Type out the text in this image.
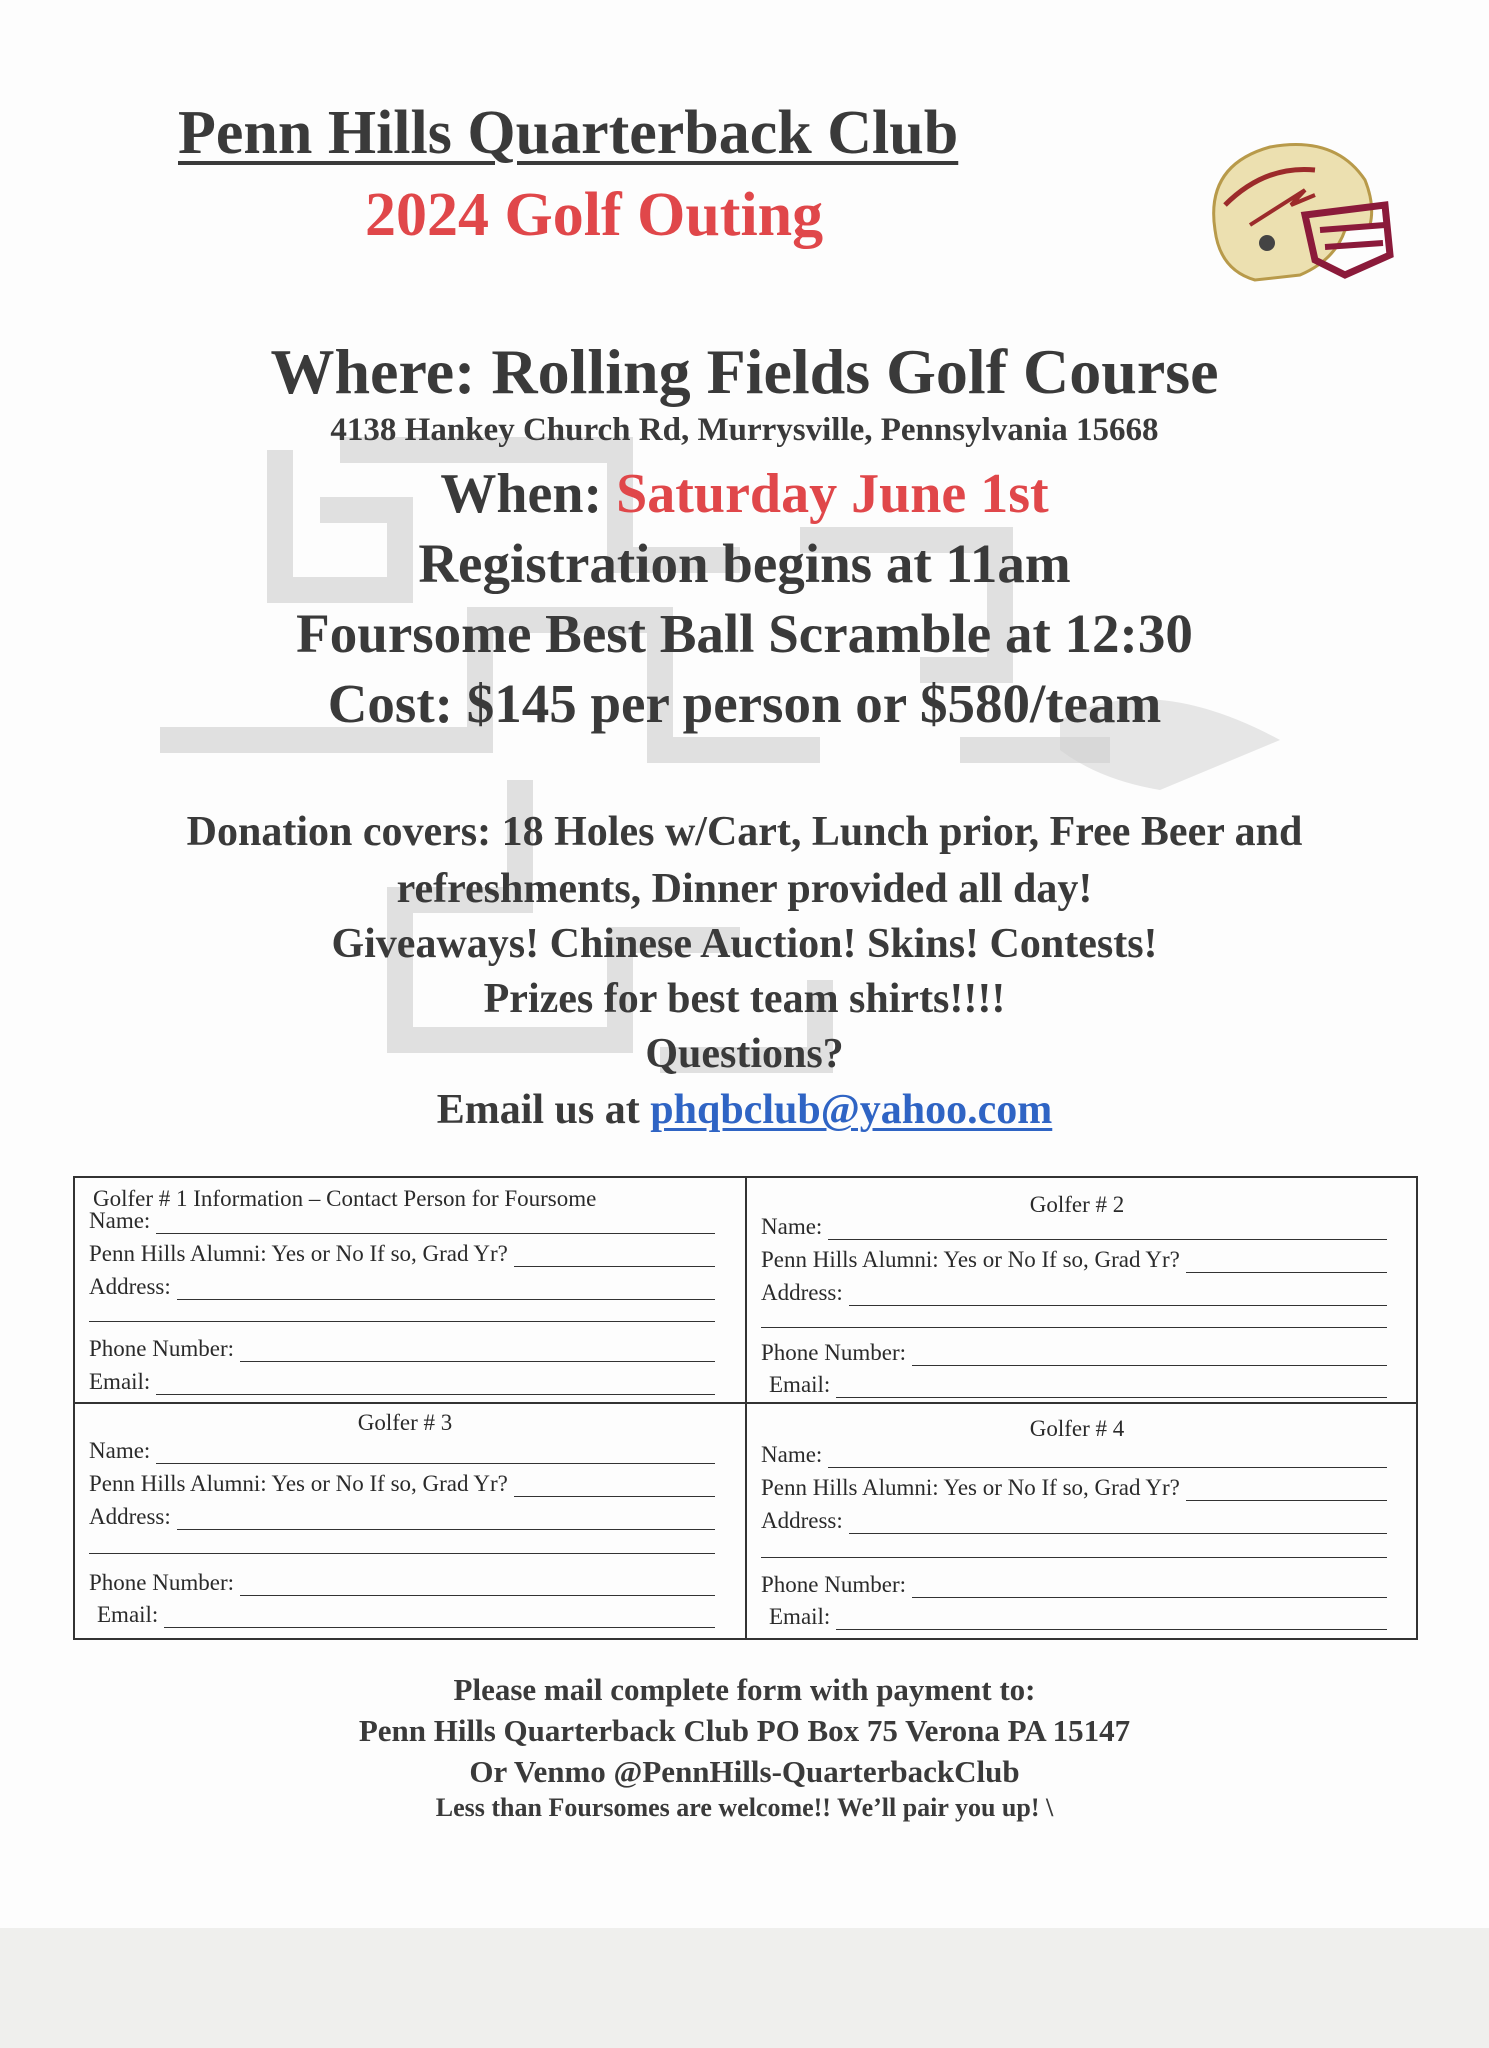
Penn Hills Quarterback Club
2024 Golf Outing
Where: Rolling Fields Golf Course
4138 Hankey Church Rd, Murrysville, Pennsylvania 15668
When: Saturday June 1st
Registration begins at 11am
Foursome Best Ball Scramble at 12:30
Cost: $145 per person or $580/team
Donation covers: 18 Holes w/Cart, Lunch prior, Free Beer and
refreshments, Dinner provided all day!
Giveaways! Chinese Auction! Skins! Contests!
Prizes for best team shirts!!!!
Questions?
Email us at phqbclub@yahoo.com
Golfer # 1 Information – Contact Person for Foursome
Name:
Penn Hills Alumni: Yes or No If so, Grad Yr?
Address:
Phone Number:
Email:
Golfer # 2
Name:
Penn Hills Alumni: Yes or No If so, Grad Yr?
Address:
Phone Number:
Email:
Golfer # 3
Name:
Penn Hills Alumni: Yes or No If so, Grad Yr?
Address:
Phone Number:
Email:
Golfer # 4
Name:
Penn Hills Alumni: Yes or No If so, Grad Yr?
Address:
Phone Number:
Email:
Please mail complete form with payment to:
Penn Hills Quarterback Club PO Box 75 Verona PA 15147
Or Venmo @PennHills-QuarterbackClub
Less than Foursomes are welcome!! We’ll pair you up! \
